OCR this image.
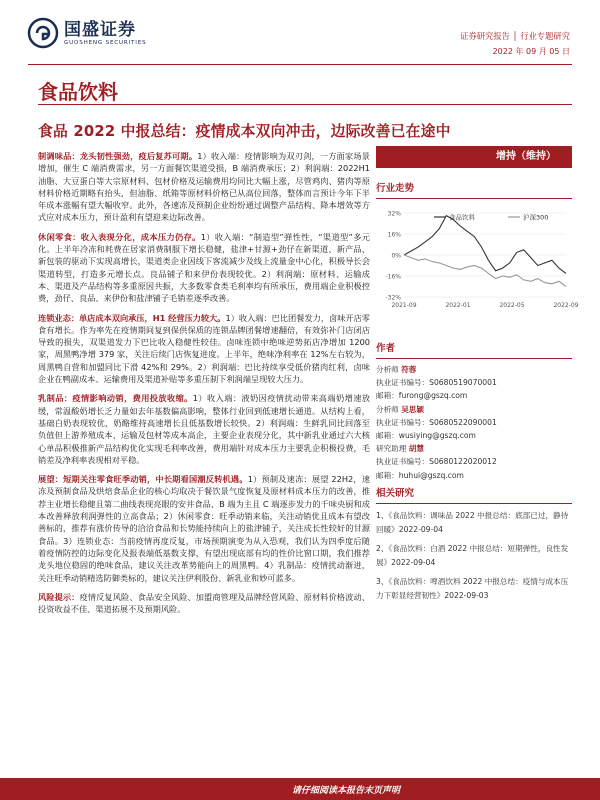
国盛证券
GUOSHENG SECURITIES
证券研究报告 │ 行业专题研究
2022 年 09 月 05 日
食品饮料
食品 2022 中报总结：疫情成本双向冲击，边际改善已在途中

制调味品：龙头韧性强劲，疫后复苏可期。1）收入端：疫情影响为双刃剑，一方面家场景增加，催生 C 端消费需求，另一方面餐饮渠道受损，B 端消费承压；2）利润端：2022H1 油脂、大豆蛋白等大宗原材料、包材价格及运输费用均同比大幅上涨，尽管鸡肉、猪肉等原材料价格近期略有抬头，但油脂、纸箱等原材料价格已从高位回落，整体而言预计今年下半年成本涨幅有望大幅收窄。此外，各速冻及预制企业纷纷通过调整产品结构、降本增效等方式应对成本压力，预计盈利有望迎来边际改善。

休闲零食：收入表现分化，成本压力仍存。1）收入端：“制造型”弹性性，“渠道型”多元化。上半年冷冻和耗费在居家消费制服下增长稳健，盐津+甘源+劲仔在新渠道、新产品、新包装的驱动下实现高增长，渠道类企业因线下客流减少及线上流量金中心化，积极导长会渠道转型，打造多元增长点。良品铺子和来伊份表现较优。2）利润端：原材料、运输成本、渠道及产品结构等多重原因共振，大多数零食类毛利率均有所承压，费用端企业积极控费，劲仔、良品、来伊份和盐津铺子毛销差逐季改善。

连锁业态：单店成本双向承压，H1 经营压力较大。1）收入端：巴比团餐发力，卤味开店零食有增长。作为率先在疫情期间复到保供保质的连锁品牌团餐增速翻倍，有效弥补门店闭店导致的损失，双渠道发力下巴比收入稳健性较佳。卤味连锁中绝味逆势拓店净增加 1200 家，周黑鸭净增 379 家，关注后续门店恢复进度。上半年，绝味净利率在 12%左右较为，周黑鸭自营和加盟同比下滑 42%和 29%。2）利润端：巴比持续享受低价猪肉红利，卤味企业在鸭副成本、运输费用及渠道补贴等多重压制下利润端呈现较大压力。

乳制品：疫情影响动销，费用投放收缩。1）收入端：液奶因疫情扰动带来高端奶增速放缓，常温酸奶增长乏力量如去年基数偏高影响，整体行业回到低速增长通道。从结构上看，基础白奶表现较优，奶酪维持高速增长且低基数增长较快。2）利润端：生鲜乳同比回落至负值但上游养殖成本、运输及包材等成本高企，主要企业表现分化，其中新乳业通过六大核心单品积极推新产品结构优化实现毛利率改善，费用端针对成本压力主要乳企积极投费，毛销差及净利率表现相对平稳。

展望：短期关注零食旺季动销，中长期看国潮反转机遇。1）预制及速冻：展望 22H2，速冻及预制食品及烘焙食品企业的核心均取决于餐饮景气度恢复及原材料成本压力的改善，推荐主业增长稳健且第二曲线表现亮眼的安井食品、B 端为主且 C 端逐步发力的千味央厨和成本改善释放利润弹性的立高食品；2）休闲零食：旺季动销来临，关注动销优且成本有望改善标的，推荐有涨价传导的洽洽食品和长势能持续向上的盐津铺子，关注成长性较好的甘源食品。3）连锁业态：当前疫情再度反复，市场预期演变为从入恐观，我们认为四季度后随着疫情防控的边际变化及报表端低基数支撑，有望出现底部有均的性价比窗口期，我们推荐龙头地位稳固的绝味食品，建议关注改革势能向上的周黑鸭。4）乳制品：疫情扰动渐进，关注旺季动销精选防御类标的，建议关注伊利股份、新乳业和妙可蓝多。

风险提示：疫情反复风险、食品安全风险、加盟商管理及品牌经营风险、原材料价格波动、投资收益不佳、渠道拓展不及预期风险。

增持（维持）
行业走势
32%
16%
0%
-16%
-32%
2021-09	2022-01	2022-05	2022-09
食品饮料	沪深300
作者
分析师 符蓉
执业证书编号：S0680519070001
邮箱：furong@gszq.com
分析师 吴思颖
执业证书编号：S0680522090001
邮箱：wusiying@gszq.com
研究助理 胡慧
执业证书编号：S0680122020012
邮箱：huhui@gszq.com
相关研究
1、《食品饮料：调味品 2022 中报总结：底部已过，静待回暖》2022-09-04
2、《食品饮料：白酒 2022 中报总结：短期弹性，良性发展》2022-09-04
3、《食品饮料：啤酒饮料 2022 中报总结：疫情与成本压力下彰显经营韧性》2022-09-03
请仔细阅读本报告末页声明
